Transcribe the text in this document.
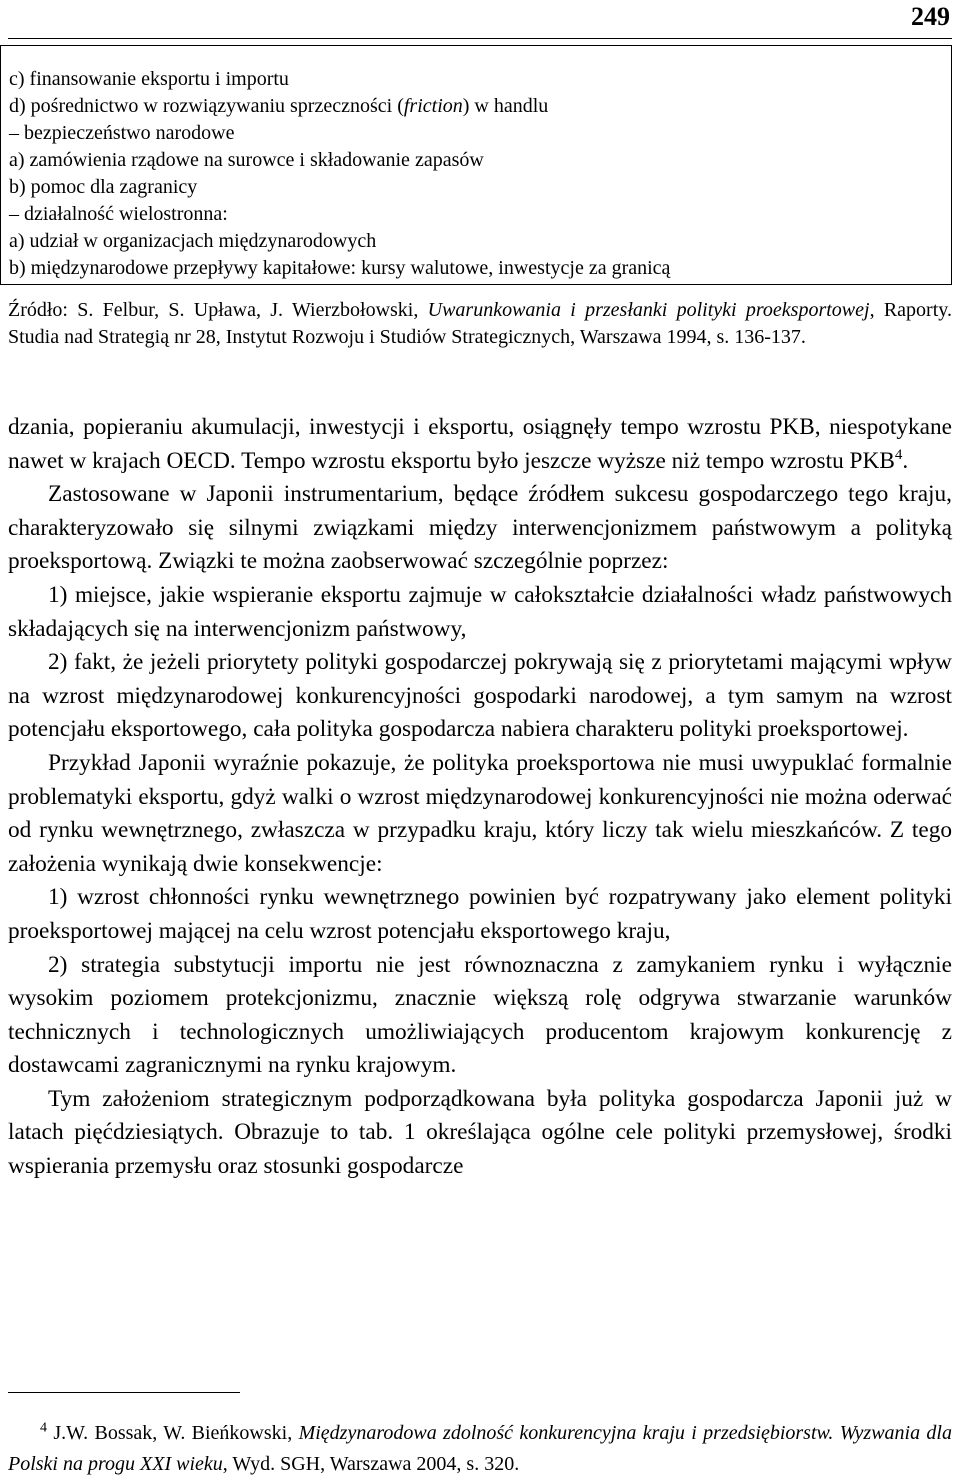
249
c) finansowanie eksportu i importu
d) pośrednictwo w rozwiązywaniu sprzeczności (friction) w handlu
– bezpieczeństwo narodowe
a) zamówienia rządowe na surowce i składowanie zapasów
b) pomoc dla zagranicy
– działalność wielostronna:
a) udział w organizacjach międzynarodowych
b) międzynarodowe przepływy kapitałowe: kursy walutowe, inwestycje za granicą
Źródło: S. Felbur, S. Upława, J. Wierzbołowski, Uwarunkowania i przesłanki polityki proeksportowej, Raporty. Studia nad Strategią nr 28, Instytut Rozwoju i Studiów Strategicznych, Warszawa 1994, s. 136-137.

dzania, popieraniu akumulacji, inwestycji i eksportu, osiągnęły tempo wzrostu PKB, niespotykane nawet w krajach OECD. Tempo wzrostu eksportu było jeszcze wyższe niż tempo wzrostu PKB$^4$.

Zastosowane w Japonii instrumentarium, będące źródłem sukcesu gospodarczego tego kraju, charakteryzowało się silnymi związkami między interwencjonizmem państwowym a polityką proeksportową. Związki te można zaobserwować szczególnie poprzez:

1) miejsce, jakie wspieranie eksportu zajmuje w całokształcie działalności władz państwowych składających się na interwencjonizm państwowy,

2) fakt, że jeżeli priorytety polityki gospodarczej pokrywają się z priorytetami mającymi wpływ na wzrost międzynarodowej konkurencyjności gospodarki narodowej, a tym samym na wzrost potencjału eksportowego, cała polityka gospodarcza nabiera charakteru polityki proeksportowej.

Przykład Japonii wyraźnie pokazuje, że polityka proeksportowa nie musi uwypuklać formalnie problematyki eksportu, gdyż walki o wzrost międzynarodowej konkurencyjności nie można oderwać od rynku wewnętrznego, zwłaszcza w przypadku kraju, który liczy tak wielu mieszkańców. Z tego założenia wynikają dwie konsekwencje:

1) wzrost chłonności rynku wewnętrznego powinien być rozpatrywany jako element polityki proeksportowej mającej na celu wzrost potencjału eksportowego kraju,

2) strategia substytucji importu nie jest równoznaczna z zamykaniem rynku i wyłącznie wysokim poziomem protekcjonizmu, znacznie większą rolę odgrywa stwarzanie warunków technicznych i technologicznych umożliwiających producentom krajowym konkurencję z dostawcami zagranicznymi na rynku krajowym.

Tym założeniom strategicznym podporządkowana była polityka gospodarcza Japonii już w latach pięćdziesiątych. Obrazuje to tab. 1 określająca ogólne cele polityki przemysłowej, środki wspierania przemysłu oraz stosunki gospodarcze

$^4$ J.W. Bossak, W. Bieńkowski, Międzynarodowa zdolność konkurencyjna kraju i przedsiębiorstw. Wyzwania dla Polski na progu XXI wieku, Wyd. SGH, Warszawa 2004, s. 320.
